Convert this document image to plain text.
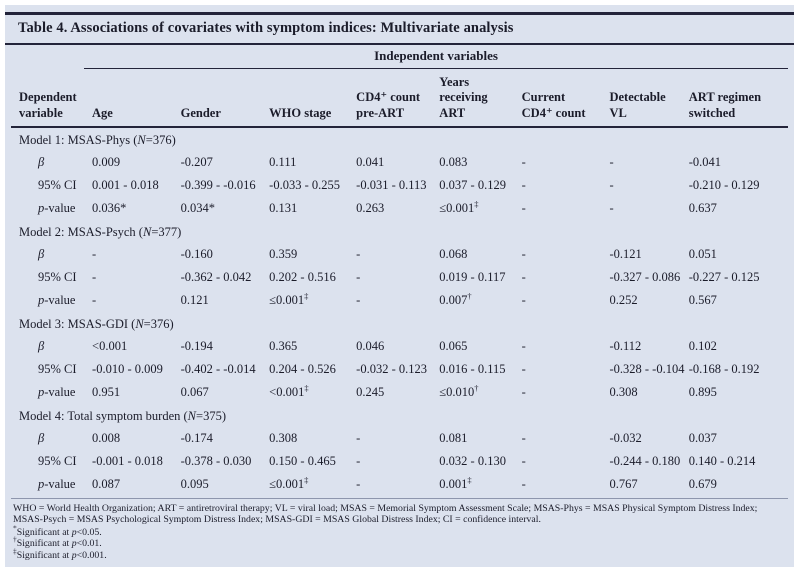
Table 4. Associations of covariates with symptom indices: Multivariate analysis
	Independent variables							
Dependent variable	Age	Gender	WHO stage	CD4⁺ count pre-ART	Years receiving ART	Current CD4⁺ count	Detectable VL	ART regimen switched
Model 1: MSAS-Phys (N=376)								
β	0.009	-0.207	0.111	0.041	0.083	-	-	-0.041
95% CI	0.001 - 0.018	-0.399 - -0.016	-0.033 - 0.255	-0.031 - 0.113	0.037 - 0.129	-	-	-0.210 - 0.129
p-value	0.036*	0.034*	0.131	0.263	≤0.001‡	-	-	0.637
Model 2: MSAS-Psych (N=377)								
β	-	-0.160	0.359	-	0.068	-	-0.121	0.051
95% CI	-	-0.362 - 0.042	0.202 - 0.516	-	0.019 - 0.117	-	-0.327 - 0.086	-0.227 - 0.125
p-value	-	0.121	≤0.001‡	-	0.007†	-	0.252	0.567
Model 3: MSAS-GDI (N=376)								
β	<0.001	-0.194	0.365	0.046	0.065	-	-0.112	0.102
95% CI	-0.010 - 0.009	-0.402 - -0.014	0.204 - 0.526	-0.032 - 0.123	0.016 - 0.115	-	-0.328 - -0.104	-0.168 - 0.192
p-value	0.951	0.067	<0.001‡	0.245	≤0.010†	-	0.308	0.895
Model 4: Total symptom burden (N=375)								
β	0.008	-0.174	0.308	-	0.081	-	-0.032	0.037
95% CI	-0.001 - 0.018	-0.378 - 0.030	0.150 - 0.465	-	0.032 - 0.130	-	-0.244 - 0.180	0.140 - 0.214
p-value	0.087	0.095	≤0.001‡	-	0.001‡	-	0.767	0.679
WHO = World Health Organization; ART = antiretroviral therapy; VL = viral load; MSAS = Memorial Symptom Assessment Scale; MSAS-Phys = MSAS Physical Symptom Distress Index; MSAS-Psych = MSAS Psychological Symptom Distress Index; MSAS-GDI = MSAS Global Distress Index; CI = confidence interval.
*Significant at p<0.05.
†Significant at p<0.01.
‡Significant at p<0.001.
